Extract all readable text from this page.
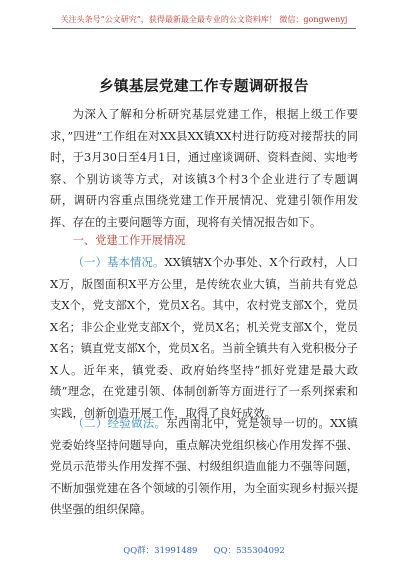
关注头条号“公文研究”，获得最新最全最专业的公文资料库！ 微信：gongwenyj
乡镇基层党建工作专题调研报告

为深入了解和分析研究基层党建工作，根据上级工作要求，”四进”工作组在对XX县XX镇XX村进行防疫对接帮扶的同时，于3月30日至4月1日，通过座谈调研、资料查阅、实地考察、个别访谈等方式，对该镇3个村3个企业进行了专题调研，调研内容重点围绕党建工作开展情况、党建引领作用发挥、存在的主要问题等方面，现将有关情况报告如下。

一、党建工作开展情况

（一）基本情况。XX镇辖X个办事处、X个行政村，人口X万，版图面积X平方公里，是传统农业大镇，当前共有党总支X个，党支部X个，党员X名。其中，农村党支部X个，党员X名；非公企业党支部X个，党员X名；机关党支部X个，党员X名；镇直党支部X个，党员X名。当前全镇共有入党积极分子X人。近年来，镇党委、政府始终坚持”抓好党建是最大政绩”理念，在党建引领、体制创新等方面进行了一系列探索和实践，创新创造开展工作，取得了良好成效。

（二）经验做法。东西南北中，党是领导一切的。XX镇党委始终坚持问题导向，重点解决党组织核心作用发挥不强、党员示范带头作用发挥不强、村级组织造血能力不强等问题，不断加强党建在各个领域的引领作用，为全面实现乡村振兴提供坚强的组织保障。

QQ群：31991489      QQ：535304092
